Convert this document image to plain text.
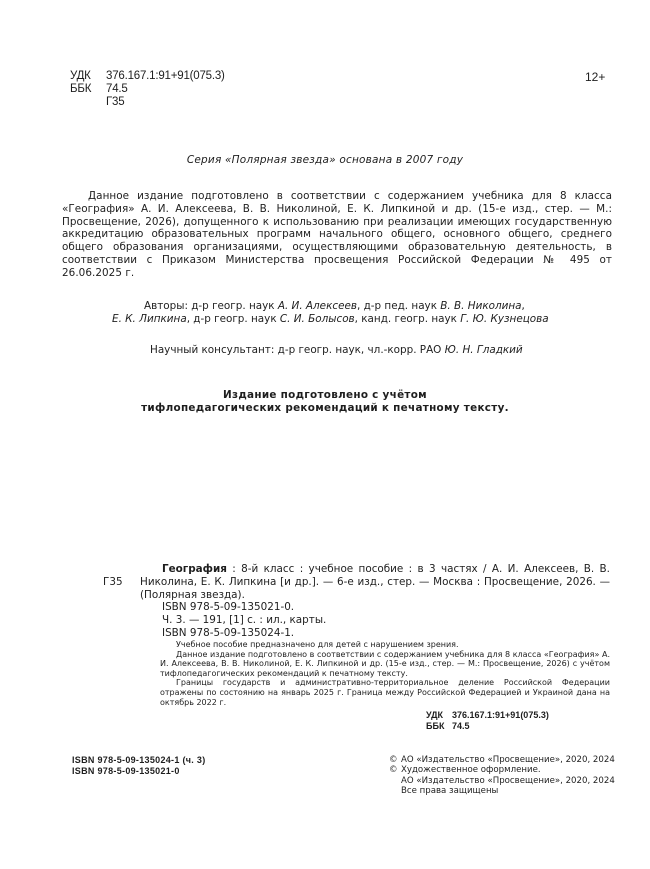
УДК	376.167.1:91+91(075.3)
ББК	74.5
Г35
12+
Серия «Полярная звезда» основана в 2007 году

Данное издание подготовлено в соответствии с содержанием учебника для 8 класса «География» А. И. Алексеева, В. В. Николиной, Е. К. Липкиной и др. (15-е изд., стер. — М.: Просвещение, 2026), допущенного к использованию при реализации имеющих государственную аккредитацию образовательных программ начального общего, основного общего, среднего общего образования организациями, осуществляющими образовательную деятельность, в соответствии с Приказом Министерства просвещения Российской Федерации № 495 от 26.06.2025 г.

Авторы: д-р геогр. наук А. И. Алексеев, д-р пед. наук В. В. Николина,
Е. К. Липкина, д-р геогр. наук С. И. Болысов, канд. геогр. наук Г. Ю. Кузнецова
Научный консультант: д-р геогр. наук, чл.-корр. РАО Ю. Н. Гладкий
Издание подготовлено с учётом
тифлопедагогических рекомендаций к печатному тексту.
Г35
География : 8-й класс : учебное пособие : в 3 частях / А. И. Алексеев, В. В. Николина, Е. К. Липкина [и др.]. — 6-е изд., стер. — Москва : Просвещение, 2026. — (Полярная звезда).
ISBN 978-5-09-135021-0.
Ч. 3. — 191, [1] с. : ил., карты.
ISBN 978-5-09-135024-1.

Учебное пособие предназначено для детей с нарушением зрения.

Данное издание подготовлено в соответствии с содержанием учебника для 8 класса «География» А. И. Алексеева, В. В. Николиной, Е. К. Липкиной и др. (15-е изд., стер. — М.: Просвещение, 2026) с учётом тифлопедагогических рекомендаций к печатному тексту.

Границы государств и административно-территориальное деление Российской Федерации отражены по состоянию на январь 2025 г. Граница между Российской Федерацией и Украиной дана на октябрь 2022 г.

УДК 376.167.1:91+91(075.3)
ББК 74.5
ISBN 978-5-09-135024-1 (ч. 3)
ISBN 978-5-09-135021-0
© АО «Издательство «Просвещение», 2020, 2024
© Художественное оформление.
АО «Издательство «Просвещение», 2020, 2024
Все права защищены
